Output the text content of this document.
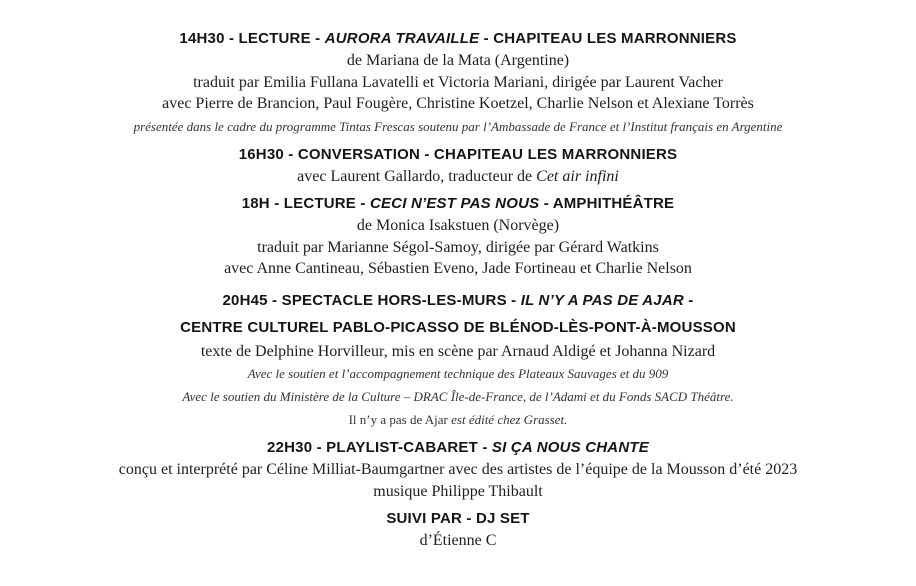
14H30 - LECTURE - AURORA TRAVAILLE - CHAPITEAU LES MARRONNIERS
de Mariana de la Mata (Argentine)
traduit par Emilia Fullana Lavatelli et Victoria Mariani, dirigée par Laurent Vacher
avec Pierre de Brancion, Paul Fougère, Christine Koetzel, Charlie Nelson et Alexiane Torrès
présentée dans le cadre du programme Tintas Frescas soutenu par l’Ambassade de France et l’Institut français en Argentine
16H30 - CONVERSATION - CHAPITEAU LES MARRONNIERS
avec Laurent Gallardo, traducteur de Cet air infini
18H - LECTURE - CECI N’EST PAS NOUS - AMPHITHÉÂTRE
de Monica Isakstuen (Norvège)
traduit par Marianne Ségol-Samoy, dirigée par Gérard Watkins
avec Anne Cantineau, Sébastien Eveno, Jade Fortineau et Charlie Nelson
20H45 - SPECTACLE HORS-LES-MURS - IL N’Y A PAS DE AJAR -
CENTRE CULTUREL PABLO-PICASSO DE BLÉNOD-LÈS-PONT-À-MOUSSON
texte de Delphine Horvilleur, mis en scène par Arnaud Aldigé et Johanna Nizard
Avec le soutien et l’accompagnement technique des Plateaux Sauvages et du 909
Avec le soutien du Ministère de la Culture – DRAC Île-de-France, de l’Adami et du Fonds SACD Théâtre.
Il n’y a pas de Ajar est édité chez Grasset.
22H30 - PLAYLIST-CABARET - SI ÇA NOUS CHANTE
conçu et interprété par Céline Milliat-Baumgartner avec des artistes de l’équipe de la Mousson d’été 2023
musique Philippe Thibault
SUIVI PAR - DJ SET
d’Étienne C
